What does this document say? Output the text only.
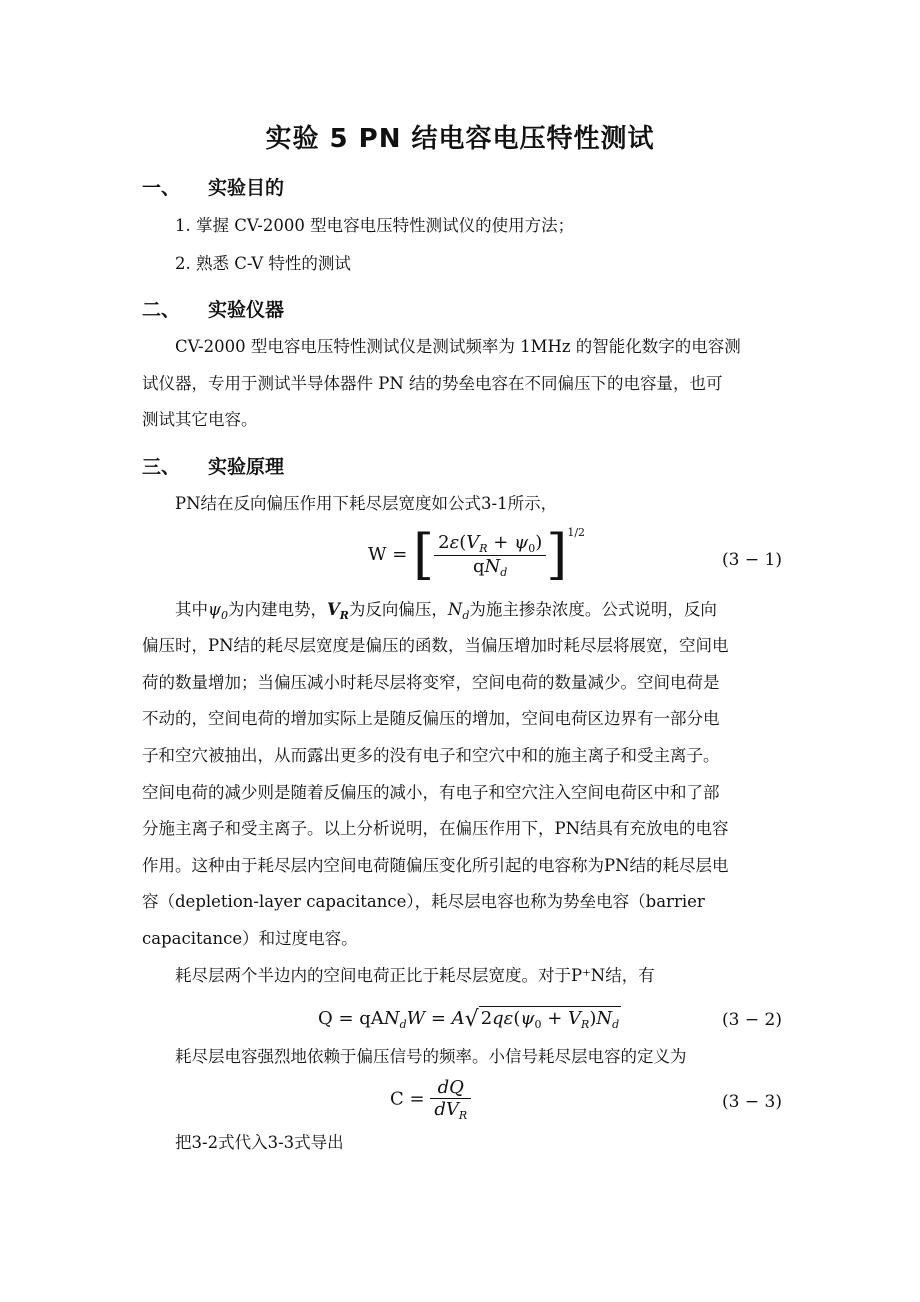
实验 5 PN 结电容电压特性测试
一、 实验目的
1. 掌握 CV-2000 型电容电压特性测试仪的使用方法；
2. 熟悉 C-V 特性的测试
二、 实验仪器
CV-2000 型电容电压特性测试仪是测试频率为 1MHz 的智能化数字的电容测
试仪器，专用于测试半导体器件 PN 结的势垒电容在不同偏压下的电容量，也可
测试其它电容。
三、 实验原理
PN结在反向偏压作用下耗尽层宽度如公式3-1所示，
W = [ $\frac{2\varepsilon(V_R + \psi_0)}{qN_d} ]^{1/2}$
(3 − 1)
其中$\psi_0$为内建电势，$V_R$为反向偏压，$N_d$为施主掺杂浓度。公式说明，反向
偏压时，PN结的耗尽层宽度是偏压的函数，当偏压增加时耗尽层将展宽，空间电
荷的数量增加；当偏压减小时耗尽层将变窄，空间电荷的数量减少。空间电荷是
不动的，空间电荷的增加实际上是随反偏压的增加，空间电荷区边界有一部分电
子和空穴被抽出，从而露出更多的没有电子和空穴中和的施主离子和受主离子。
空间电荷的减少则是随着反偏压的减小，有电子和空穴注入空间电荷区中和了部
分施主离子和受主离子。以上分析说明，在偏压作用下，PN结具有充放电的电容
作用。这种由于耗尽层内空间电荷随偏压变化所引起的电容称为PN结的耗尽层电
容（depletion-layer capacitance），耗尽层电容也称为势垒电容（barrier
capacitance）和过度电容。
耗尽层两个半边内的空间电荷正比于耗尽层宽度。对于P⁺N结，有
Q = qAN$_d$W = A√ $2q\varepsilon(\psi_0 + V_R)N_d$	(3 − 2)
耗尽层电容强烈地依赖于偏压信号的频率。小信号耗尽层电容的定义为
$C = \frac{dQ}{dV_R}$	(3 − 3)
把3-2式代入3-3式导出
